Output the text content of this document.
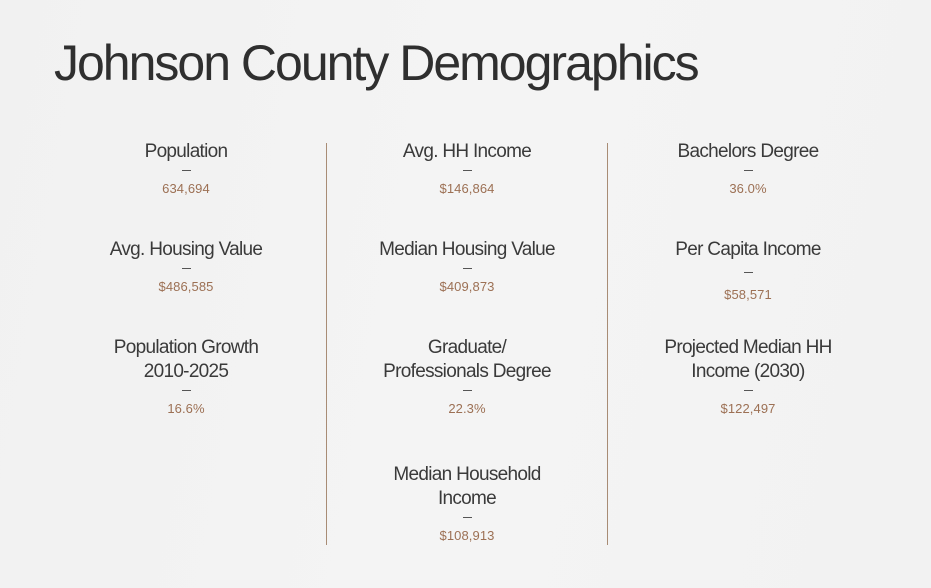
Johnson County Demographics
Population
634,694
Avg. Housing Value
$486,585
Population Growth
2010-2025
16.6%
Avg. HH Income
$146,864
Median Housing Value
$409,873
Graduate/
Professionals Degree
22.3%
Median Household
Income
$108,913
Bachelors Degree
36.0%
Per Capita Income
$58,571
Projected Median HH
Income (2030)
$122,497
